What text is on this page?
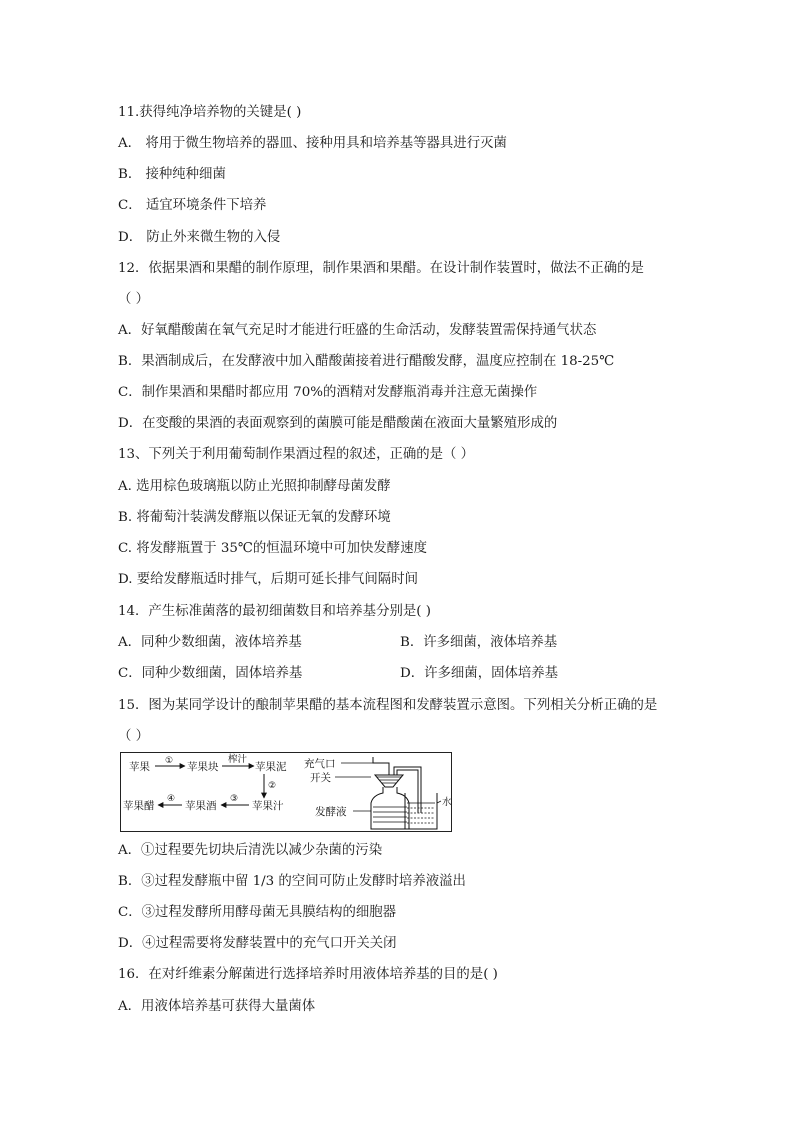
11.获得纯净培养物的关键是( )
A． 将用于微生物培养的器皿、接种用具和培养基等器具进行灭菌
B． 接种纯种细菌
C． 适宜环境条件下培养
D． 防止外来微生物的入侵
12．依据果酒和果醋的制作原理，制作果酒和果醋。在设计制作装置时，做法不正确的是
（ ）
A．好氧醋酸菌在氧气充足时才能进行旺盛的生命活动，发酵装置需保持通气状态
B．果酒制成后，在发酵液中加入醋酸菌接着进行醋酸发酵，温度应控制在 18-25℃
C．制作果酒和果醋时都应用 70%的酒精对发酵瓶消毒并注意无菌操作
D．在变酸的果酒的表面观察到的菌膜可能是醋酸菌在液面大量繁殖形成的
13、下列关于利用葡萄制作果酒过程的叙述，正确的是（ ）
A. 选用棕色玻璃瓶以防止光照抑制酵母菌发酵
B. 将葡萄汁装满发酵瓶以保证无氧的发酵环境
C. 将发酵瓶置于 35℃的恒温环境中可加快发酵速度
D. 要给发酵瓶适时排气，后期可延长排气间隔时间
14．产生标准菌落的最初细菌数目和培养基分别是( )
A．同种少数细菌，液体培养基	B．许多细菌，液体培养基
C．同种少数细菌，固体培养基	D．许多细菌，固体培养基
15．图为某同学设计的酿制苹果醋的基本流程图和发酵装置示意图。下列相关分析正确的是
（ ）
苹果 ① 苹果块
榨汁
苹果泥
②
苹果汁
③
苹果酒
④
苹果醋
充气口
开关
发酵液
水
A．①过程要先切块后清洗以减少杂菌的污染
B．③过程发酵瓶中留 1/3 的空间可防止发酵时培养液溢出
C．③过程发酵所用酵母菌无具膜结构的细胞器
D．④过程需要将发酵装置中的充气口开关关闭
16．在对纤维素分解菌进行选择培养时用液体培养基的目的是( )
A．用液体培养基可获得大量菌体
